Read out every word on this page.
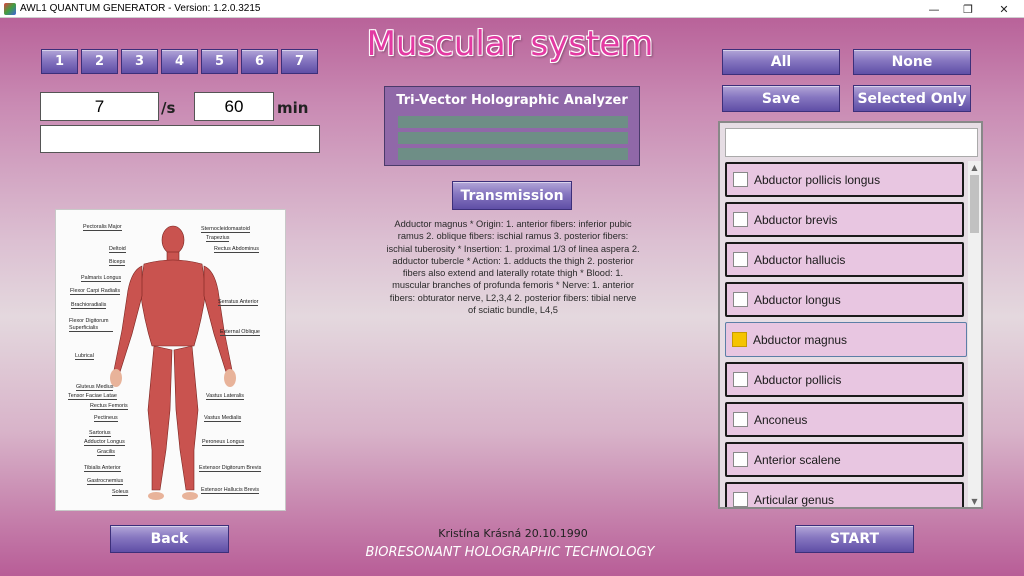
AWL1 QUANTUM GENERATOR - Version: 1.2.0.3215	—	❐	✕
Muscular system
1	2	3	4	5	6	7
7	/s	60	min	Tri-Vector Holographic Analyzer
Transmission
Adductor magnus * Origin: 1. anterior fibers: inferior pubic ramus 2. oblique fibers: ischial ramus 3. posterior fibers: ischial tuberosity * Insertion: 1. proximal 1/3 of linea aspera 2. adductor tubercle * Action: 1. adducts the thigh 2. posterior fibers also extend and laterally rotate thigh * Blood: 1. muscular branches of profunda femoris * Nerve: 1. anterior fibers: obturator nerve, L2,3,4 2. posterior fibers: tibial nerve of sciatic bundle, L4,5
Pectoralis Major
Deltoid
Biceps
Palmaris Longus
Flexor Carpi Radialis
Brachioradialis
Flexor Digitorum Superficialis
Lubrical
Gluteus Medius
Tensor Faciae Latae
Rectus Femoris
Pectineus
Sartorius
Adductor Longus
Gracilis
Tibialis Anterior
Gastrocnemius
Soleus
Sternocleidomastoid
Trapezius
Rectus Abdominus
Serratus Anterior
External Oblique
Vastus Lateralis
Vastus Medialis
Peroneus Longus
Extensor Digitorum Brevis
Extensor Hallucis Brevis
Back	Kristína Krásná 20.10.1990
BIORESONANT HOLOGRAPHIC TECHNOLOGY
All	None
Save	Selected Only
Abductor pollicis longus
Abductor brevis
Abductor hallucis
Abductor longus
Abductor magnus
Abductor pollicis
Anconeus
Anterior scalene
Articular genus
▲
▼
START
